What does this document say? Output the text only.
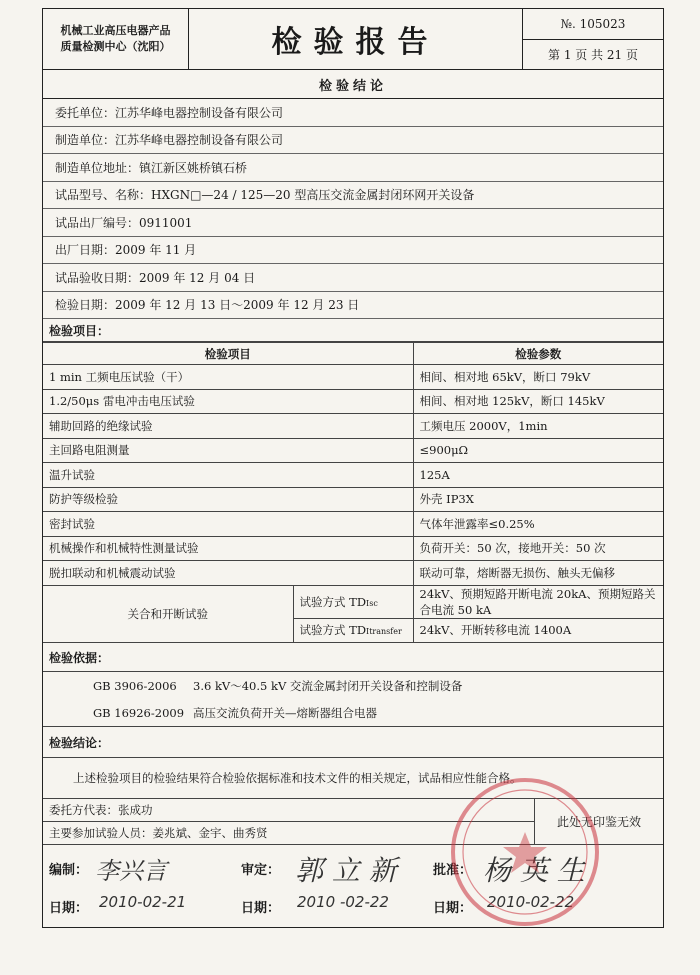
机械工业高压电器产品
质量检测中心（沈阳）	检验报告
№. 105023
第 1 页 共 21 页
检验结论
委托单位：江苏华峰电器控制设备有限公司
制造单位：江苏华峰电器控制设备有限公司
制造单位地址：镇江新区姚桥镇石桥
试品型号、名称：HXGN□—24 / 125—20 型高压交流金属封闭环网开关设备
试品出厂编号：0911001
出厂日期：2009 年 11 月
试品验收日期：2009 年 12 月 04 日
检验日期：2009 年 12 月 13 日～2009 年 12 月 23 日
检验项目：
检验项目		检验参数
1 min 工频电压试验（干）		相间、相对地 65kV，断口 79kV
1.2/50μs 雷电冲击电压试验		相间、相对地 125kV，断口 145kV
辅助回路的绝缘试验		工频电压 2000V，1min
主回路电阻测量		≤900μΩ
温升试验		125A
防护等级检验		外壳 IP3X
密封试验		气体年泄露率≤0.25%
机械操作和机械特性测量试验		负荷开关：50 次，接地开关：50 次
脱扣联动和机械震动试验		联动可靠，熔断器无损伤、触头无偏移
关合和开断试验	试验方式 TDIsc	24kV、预期短路开断电流 20kA、预期短路关合电流 50 kA
	试验方式 TDItransfer	24kV、开断转移电流 1400A
检验依据：
GB 3906-2006	3.6 kV～40.5 kV 交流金属封闭开关设备和控制设备
GB 16926-2009 高压交流负荷开关—熔断器组合电器
检验结论：
上述检验项目的检验结果符合检验依据标准和技术文件的相关规定，试品相应性能合格。
委托方代表：张成功
主要参加试验人员：姜兆斌、金宇、曲秀贤
此处无印鉴无效
编制： 李兴言	审定： 郭 立 新	批准： 杨 英 生
日期： 2010-02-21	日期： 2010 -02-22	日期： 2010-02-22
